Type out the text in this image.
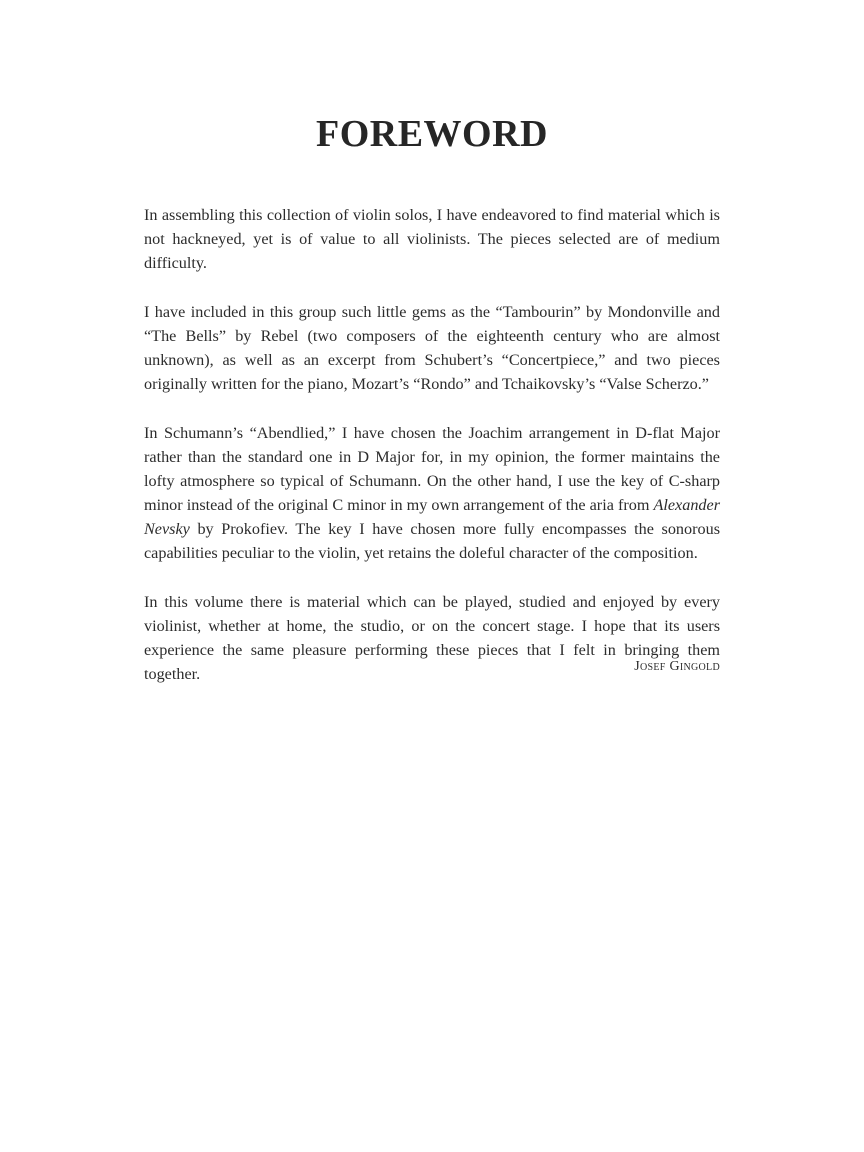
FOREWORD

In assembling this collection of violin solos, I have endeavored to find material which is not hackneyed, yet is of value to all violinists. The pieces selected are of medium difficulty.

I have included in this group such little gems as the “Tambourin” by Mondonville and “The Bells” by Rebel (two composers of the eighteenth century who are almost unknown), as well as an excerpt from Schubert’s “Concertpiece,” and two pieces originally written for the piano, Mozart’s “Rondo” and Tchaikovsky’s “Valse Scherzo.”

In Schumann’s “Abendlied,” I have chosen the Joachim arrangement in D-flat Major rather than the standard one in D Major for, in my opinion, the former maintains the lofty atmosphere so typical of Schumann. On the other hand, I use the key of C-sharp minor instead of the original C minor in my own arrangement of the aria from Alexander Nevsky by Prokofiev. The key I have chosen more fully encompasses the sonorous capabilities peculiar to the violin, yet retains the doleful character of the composition.

In this volume there is material which can be played, studied and enjoyed by every violinist, whether at home, the studio, or on the concert stage. I hope that its users experience the same pleasure performing these pieces that I felt in bringing them together.	Josef Gingold
